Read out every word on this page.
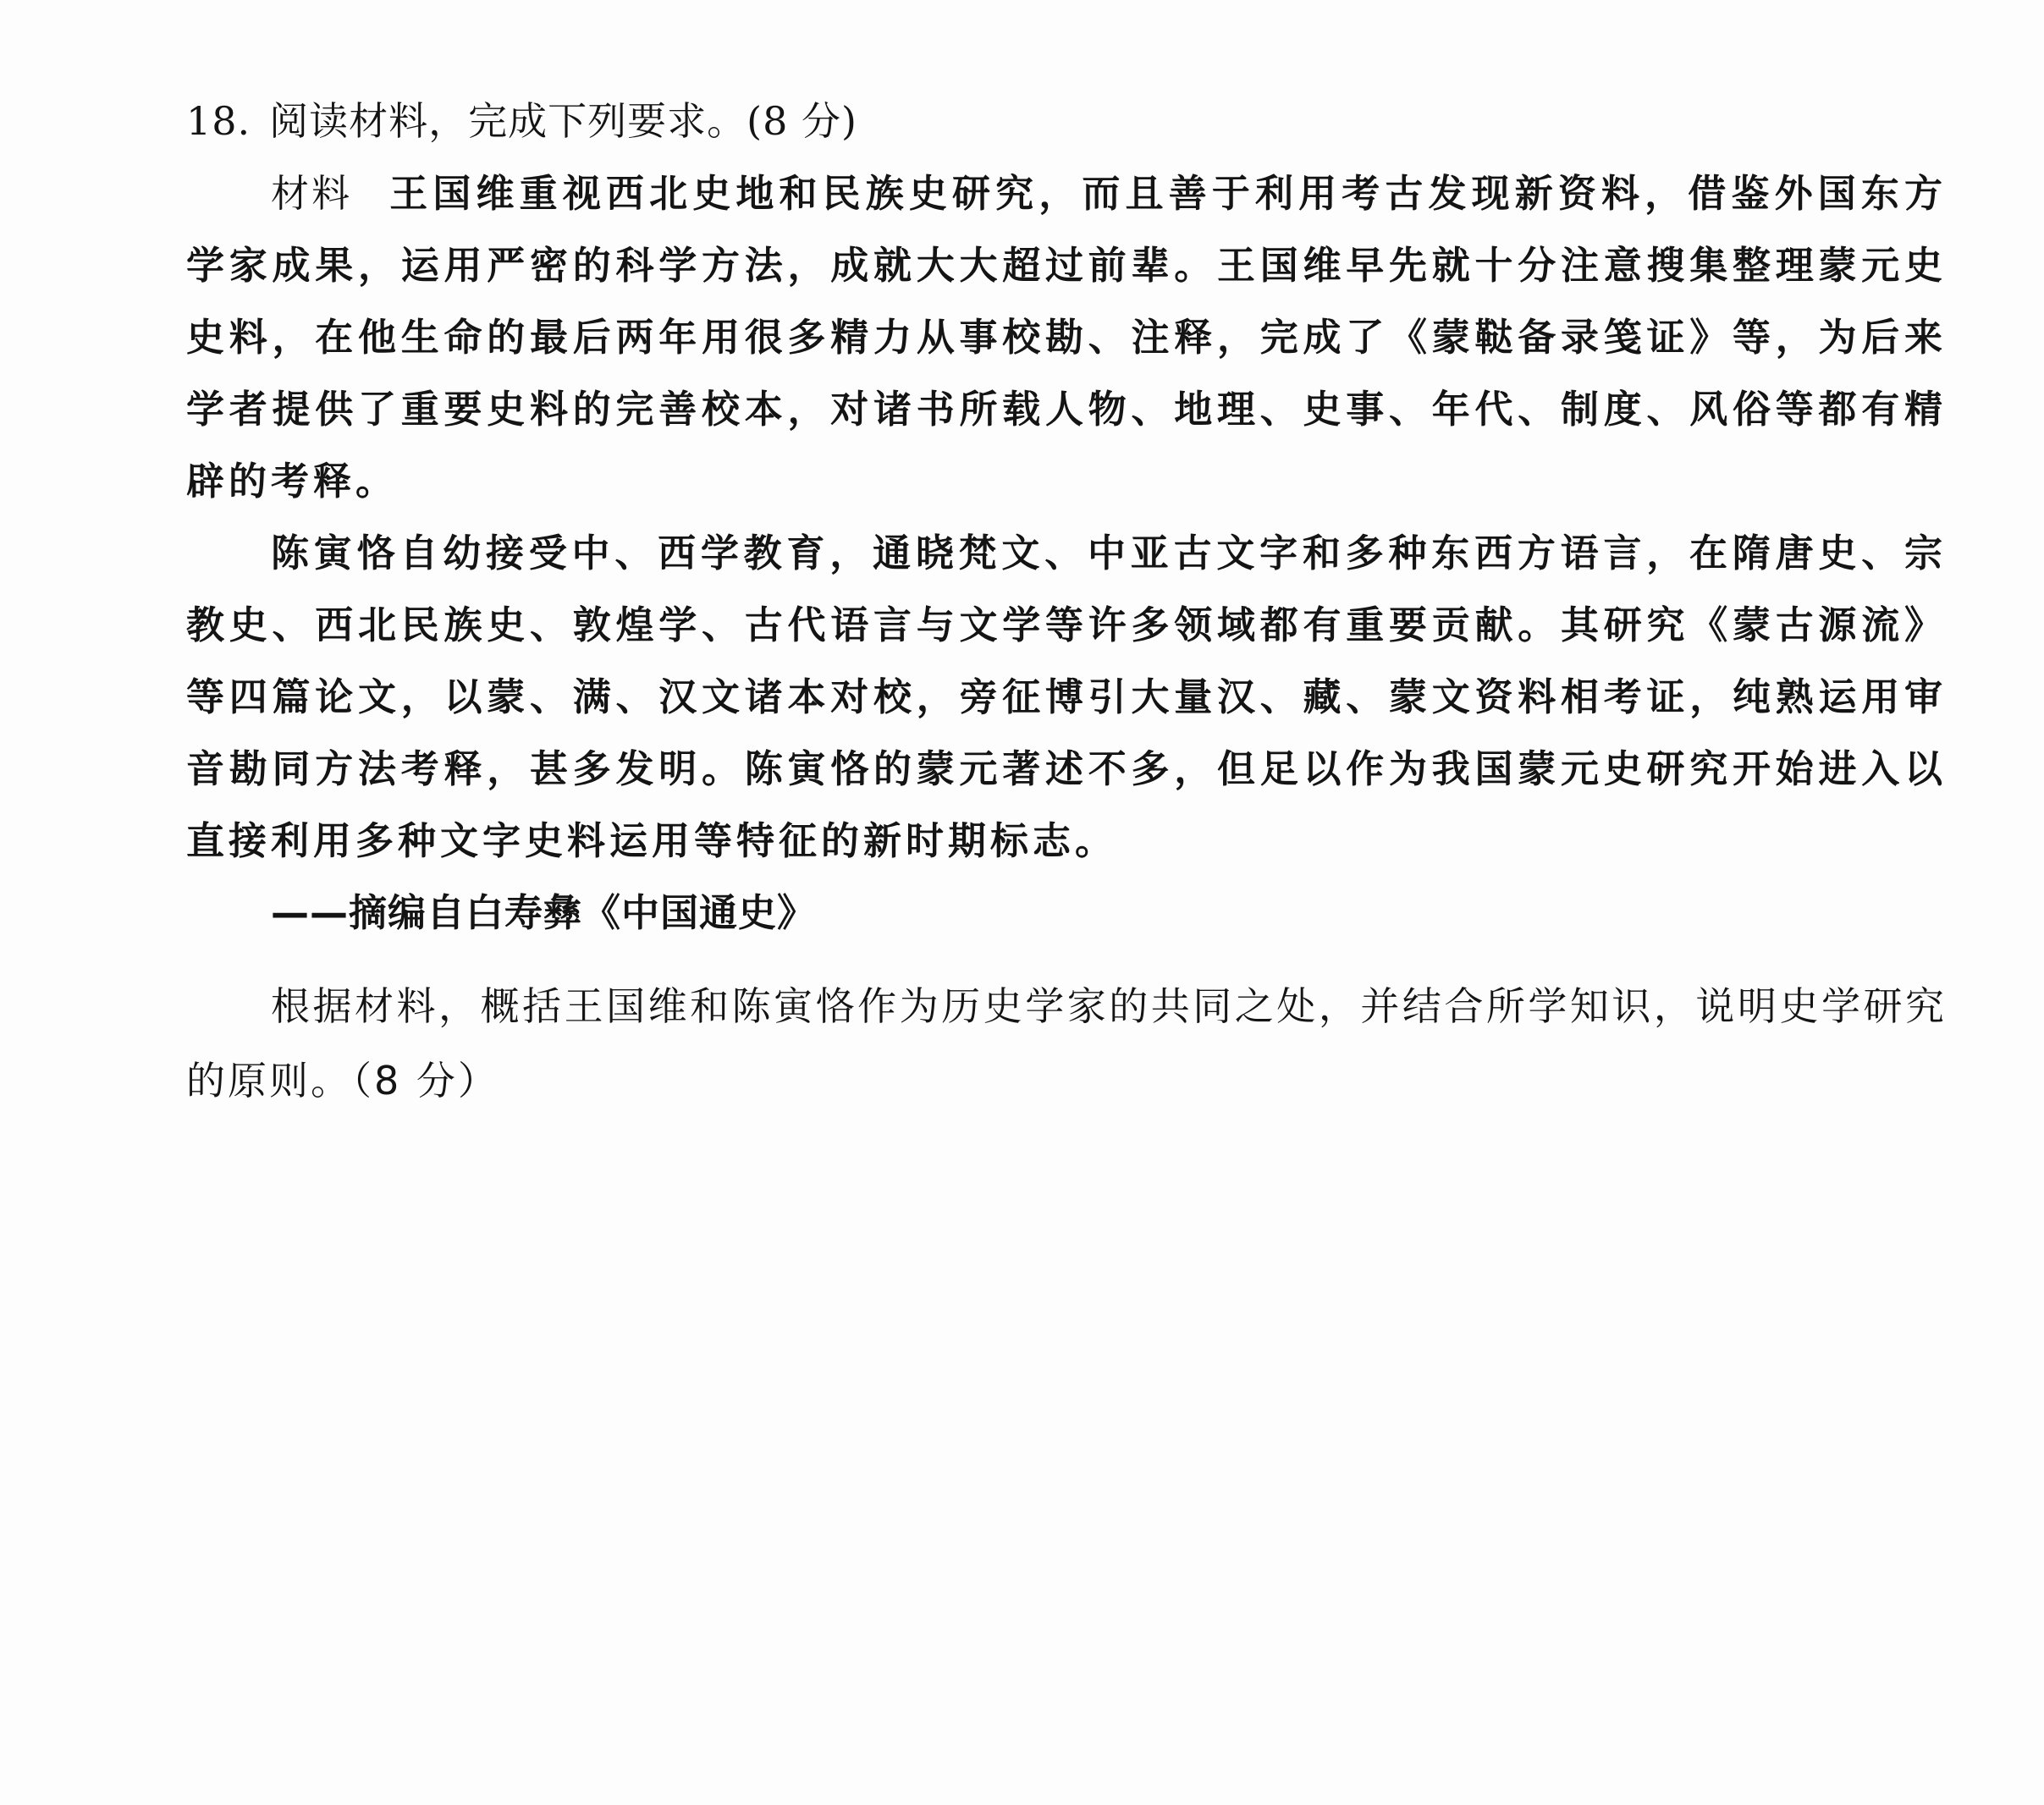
18. 阅读材料，完成下列要求。(8 分)

材料 王国维重视西北史地和民族史研究，而且善于利用考古发现新资料，借鉴外国东方学家成果，运用严密的科学方法，成就大大超过前辈。王国维早先就十分注意搜集整理蒙元史史料，在他生命的最后两年用很多精力从事校勘、注释，完成了《蒙鞑备录笺证》等，为后来学者提供了重要史料的完善校本，对诸书所载人物、地理、史事、年代、制度、风俗等都有精辟的考释。

陈寅恪自幼接受中、西学教育，通晓梵文、中亚古文字和多种东西方语言，在隋唐史、宗教史、西北民族史、敦煌学、古代语言与文学等许多领域都有重要贡献。其研究《蒙古源流》等四篇论文，以蒙、满、汉文诸本对校，旁征博引大量汉、藏、蒙文资料相考证，纯熟运用审音勘同方法考释，甚多发明。陈寅恪的蒙元著述不多，但足以作为我国蒙元史研究开始进入以直接利用多种文字史料运用等特征的新时期标志。

——摘编自白寿彝《中国通史》

根据材料，概括王国维和陈寅恪作为历史学家的共同之处，并结合所学知识，说明史学研究的原则。（8 分）
